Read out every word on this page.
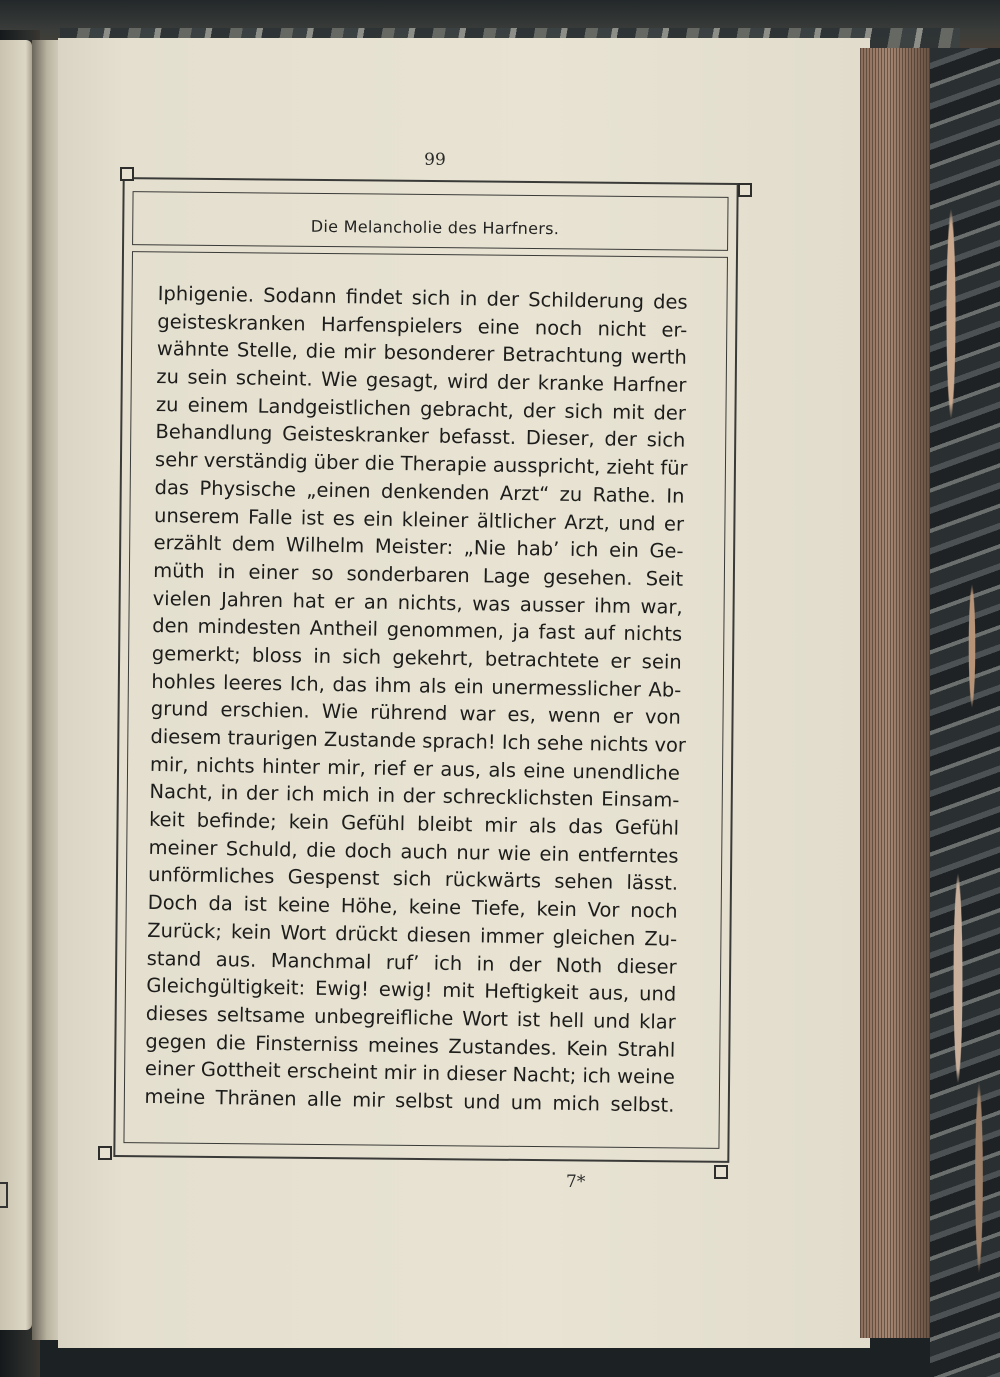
99
Die Melancholie des Harfners.
Iphigenie. Sodann findet sich in der Schilderung des
geisteskranken Harfenspielers eine noch nicht er-
wähnte Stelle, die mir besonderer Betrachtung werth
zu sein scheint. Wie gesagt, wird der kranke Harfner
zu einem Landgeistlichen gebracht, der sich mit der
Behandlung Geisteskranker befasst. Dieser, der sich
sehr verständig über die Therapie ausspricht, zieht für
das Physische „einen denkenden Arzt“ zu Rathe. In
unserem Falle ist es ein kleiner ältlicher Arzt, und er
erzählt dem Wilhelm Meister: „Nie hab’ ich ein Ge-
müth in einer so sonderbaren Lage gesehen. Seit
vielen Jahren hat er an nichts, was ausser ihm war,
den mindesten Antheil genommen, ja fast auf nichts
gemerkt; bloss in sich gekehrt, betrachtete er sein
hohles leeres Ich, das ihm als ein unermesslicher Ab-
grund erschien. Wie rührend war es, wenn er von
diesem traurigen Zustande sprach! Ich sehe nichts vor
mir, nichts hinter mir, rief er aus, als eine unendliche
Nacht, in der ich mich in der schrecklichsten Einsam-
keit befinde; kein Gefühl bleibt mir als das Gefühl
meiner Schuld, die doch auch nur wie ein entferntes
unförmliches Gespenst sich rückwärts sehen lässt.
Doch da ist keine Höhe, keine Tiefe, kein Vor noch
Zurück; kein Wort drückt diesen immer gleichen Zu-
stand aus. Manchmal ruf’ ich in der Noth dieser
Gleichgültigkeit: Ewig! ewig! mit Heftigkeit aus, und
dieses seltsame unbegreifliche Wort ist hell und klar
gegen die Finsterniss meines Zustandes. Kein Strahl
einer Gottheit erscheint mir in dieser Nacht; ich weine
meine Thränen alle mir selbst und um mich selbst.
7*
